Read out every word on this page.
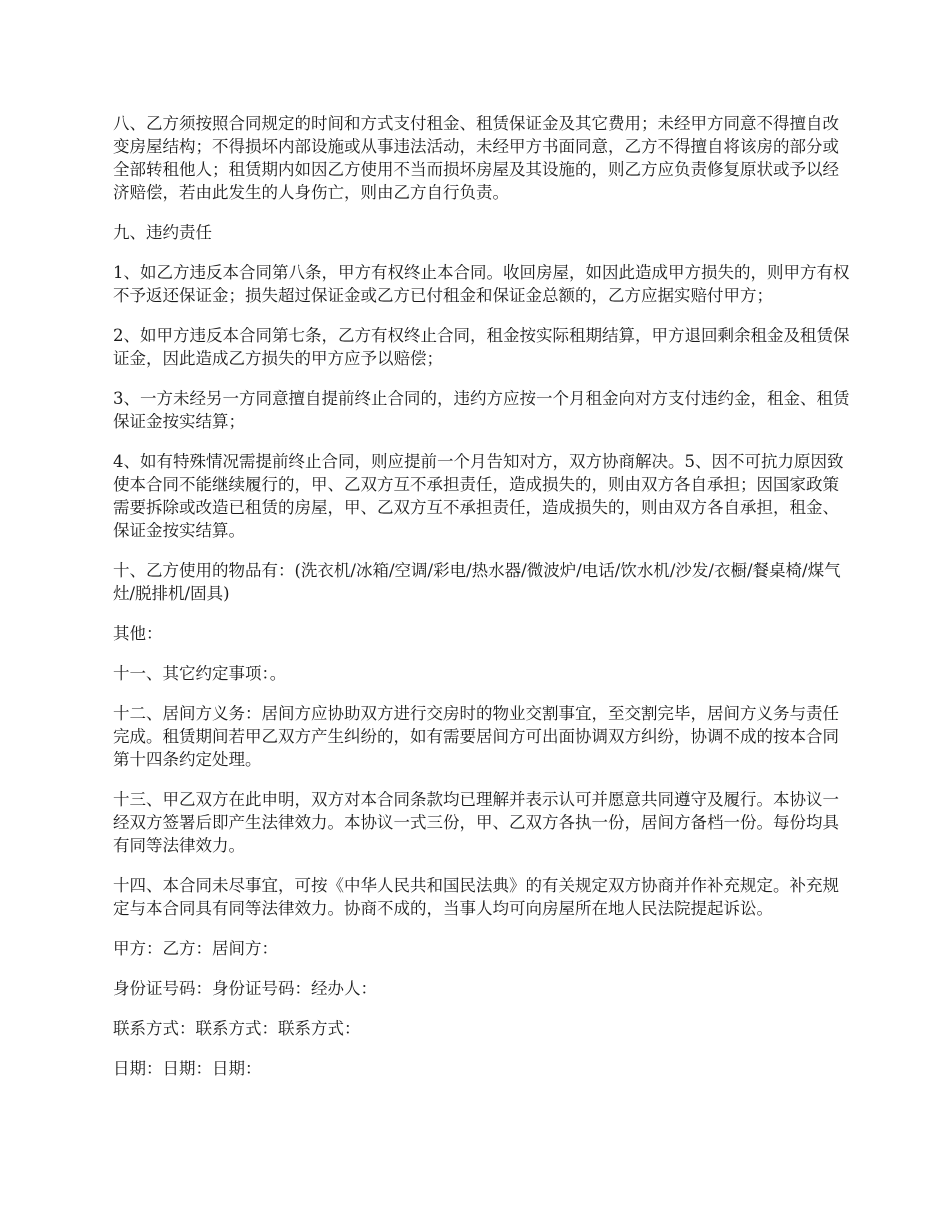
八、乙方须按照合同规定的时间和方式支付租金、租赁保证金及其它费用；未经甲方同意不得擅自改变房屋结构；不得损坏内部设施或从事违法活动，未经甲方书面同意，乙方不得擅自将该房的部分或全部转租他人；租赁期内如因乙方使用不当而损坏房屋及其设施的，则乙方应负责修复原状或予以经济赔偿，若由此发生的人身伤亡，则由乙方自行负责。

九、违约责任

1、如乙方违反本合同第八条，甲方有权终止本合同。收回房屋，如因此造成甲方损失的，则甲方有权不予返还保证金；损失超过保证金或乙方已付租金和保证金总额的，乙方应据实赔付甲方；

2、如甲方违反本合同第七条，乙方有权终止合同，租金按实际租期结算，甲方退回剩余租金及租赁保证金，因此造成乙方损失的甲方应予以赔偿；

3、一方未经另一方同意擅自提前终止合同的，违约方应按一个月租金向对方支付违约金，租金、租赁保证金按实结算；

4、如有特殊情况需提前终止合同，则应提前一个月告知对方，双方协商解决。5、因不可抗力原因致使本合同不能继续履行的，甲、乙双方互不承担责任，造成损失的，则由双方各自承担；因国家政策需要拆除或改造已租赁的房屋，甲、乙双方互不承担责任，造成损失的，则由双方各自承担，租金、保证金按实结算。

十、乙方使用的物品有：(洗衣机/冰箱/空调/彩电/热水器/微波炉/电话/饮水机/沙发/衣橱/餐桌椅/煤气灶/脱排机/固具)

其他：
十一、其它约定事项：。

十二、居间方义务：居间方应协助双方进行交房时的物业交割事宜，至交割完毕，居间方义务与责任完成。租赁期间若甲乙双方产生纠纷的，如有需要居间方可出面协调双方纠纷，协调不成的按本合同第十四条约定处理。

十三、甲乙双方在此申明，双方对本合同条款均已理解并表示认可并愿意共同遵守及履行。本协议一经双方签署后即产生法律效力。本协议一式三份，甲、乙双方各执一份，居间方备档一份。每份均具有同等法律效力。

十四、本合同未尽事宜，可按《中华人民共和国民法典》的有关规定双方协商并作补充规定。补充规定与本合同具有同等法律效力。协商不成的，当事人均可向房屋所在地人民法院提起诉讼。

甲方：乙方：居间方：
身份证号码：身份证号码：经办人：
联系方式：联系方式：联系方式：
日期：日期：日期：
